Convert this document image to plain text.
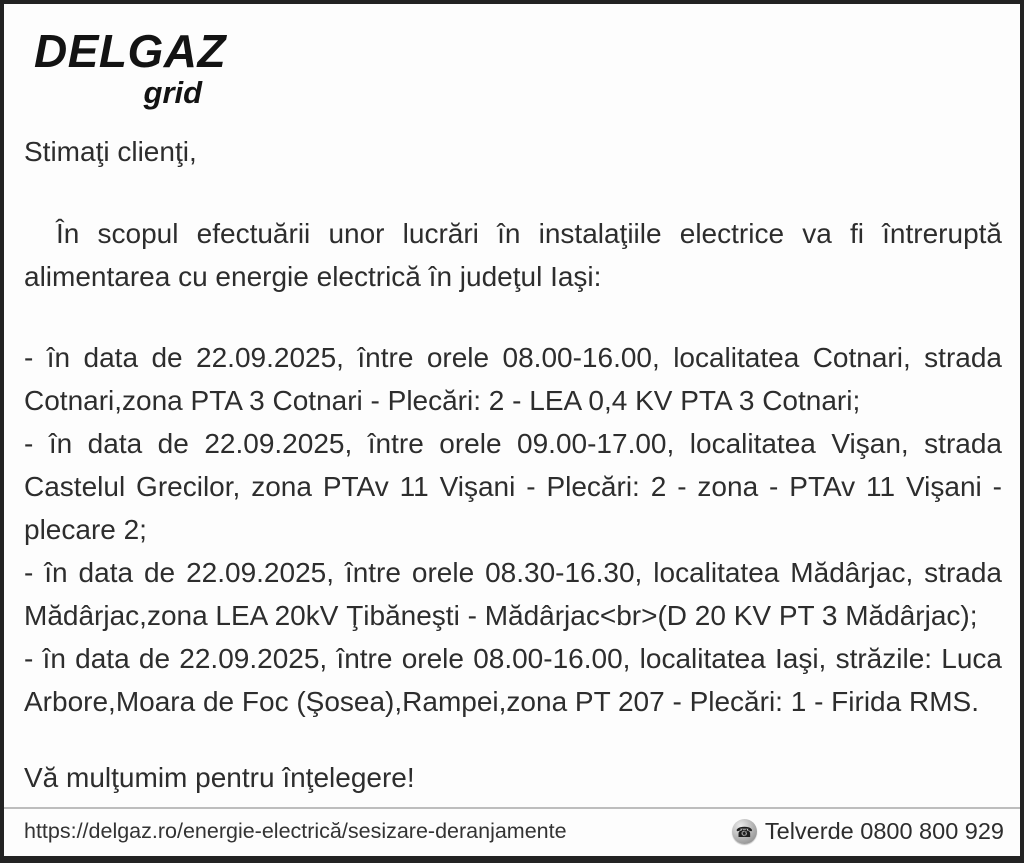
DELGAZ
grid
Stimaţi clienţi,

În scopul efectuării unor lucrări în instalaţiile electrice va fi întreruptă alimentarea cu energie electrică în judeţul Iaşi:

- în data de 22.09.2025, între orele 08.00-16.00, localitatea Cotnari, strada Cotnari,zona PTA 3 Cotnari - Plecări: 2 - LEA 0,4 KV PTA 3 Cotnari;

- în data de 22.09.2025, între orele 09.00-17.00, localitatea Vişan, strada Castelul Grecilor, zona PTAv 11 Vişani - Plecări: 2 - zona - PTAv 11 Vişani - plecare 2;

- în data de 22.09.2025, între orele 08.30-16.30, localitatea Mădârjac, strada Mădârjac,zona LEA 20kV Ţibăneşti - Mădârjac<br>(D 20 KV PT 3 Mădârjac);

- în data de 22.09.2025, între orele 08.00-16.00, localitatea Iaşi, străzile: Luca Arbore,Moara de Foc (Şosea),Rampei,zona PT 207 - Plecări: 1 - Firida RMS.

Vă mulţumim pentru înţelegere!
https://delgaz.ro/energie-electrică/sesizare-deranjamente	☎ Telverde 0800 800 929
